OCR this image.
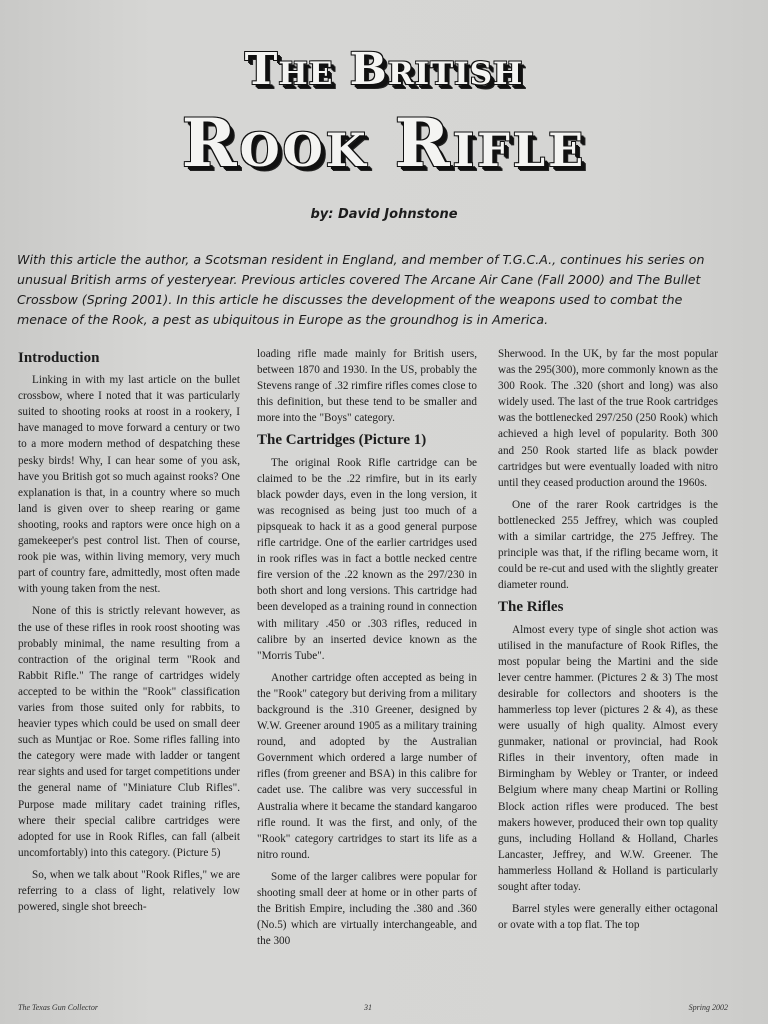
The British
Rook Rifle
by: David Johnstone
With this article the author, a Scotsman resident in England, and member of T.G.C.A., continues his series on unusual British arms of yesteryear. Previous articles covered The Arcane Air Cane (Fall 2000) and The Bullet Crossbow (Spring 2001). In this article he discusses the development of the weapons used to combat the menace of the Rook, a pest as ubiquitous in Europe as the groundhog is in America.
Introduction

Linking in with my last article on the bullet crossbow, where I noted that it was particularly suited to shooting rooks at roost in a rookery, I have managed to move forward a century or two to a more modern method of despatching these pesky birds! Why, I can hear some of you ask, have you British got so much against rooks? One explanation is that, in a country where so much land is given over to sheep rearing or game shooting, rooks and raptors were once high on a gamekeeper's pest control list. Then of course, rook pie was, within living memory, very much part of country fare, admittedly, most often made with young taken from the nest.

None of this is strictly relevant however, as the use of these rifles in rook roost shooting was probably minimal, the name resulting from a contraction of the original term "Rook and Rabbit Rifle." The range of cartridges widely accepted to be within the "Rook" classification varies from those suited only for rabbits, to heavier types which could be used on small deer such as Muntjac or Roe. Some rifles falling into the category were made with ladder or tangent rear sights and used for target competitions under the general name of "Miniature Club Rifles". Purpose made military cadet training rifles, where their special calibre cartridges were adopted for use in Rook Rifles, can fall (albeit uncomfortably) into this category. (Picture 5)

So, when we talk about "Rook Rifles," we are referring to a class of light, relatively low powered, single shot breech-

loading rifle made mainly for British users, between 1870 and 1930. In the US, probably the Stevens range of .32 rimfire rifles comes close to this definition, but these tend to be smaller and more into the "Boys" category.

The Cartridges (Picture 1)

The original Rook Rifle cartridge can be claimed to be the .22 rimfire, but in its early black powder days, even in the long version, it was recognised as being just too much of a pipsqueak to hack it as a good general purpose rifle cartridge. One of the earlier cartridges used in rook rifles was in fact a bottle necked centre fire version of the .22 known as the 297/230 in both short and long versions. This cartridge had been developed as a training round in connection with military .450 or .303 rifles, reduced in calibre by an inserted device known as the "Morris Tube".

Another cartridge often accepted as being in the "Rook" category but deriving from a military background is the .310 Greener, designed by W.W. Greener around 1905 as a military training round, and adopted by the Australian Government which ordered a large number of rifles (from greener and BSA) in this calibre for cadet use. The calibre was very successful in Australia where it became the standard kangaroo rifle round. It was the first, and only, of the "Rook" category cartridges to start its life as a nitro round.

Some of the larger calibres were popular for shooting small deer at home or in other parts of the British Empire, including the .380 and .360 (No.5) which are virtually interchangeable, and the 300

Sherwood. In the UK, by far the most popular was the 295(300), more commonly known as the 300 Rook. The .320 (short and long) was also widely used. The last of the true Rook cartridges was the bottlenecked 297/250 (250 Rook) which achieved a high level of popularity. Both 300 and 250 Rook started life as black powder cartridges but were eventually loaded with nitro until they ceased production around the 1960s.

One of the rarer Rook cartridges is the bottlenecked 255 Jeffrey, which was coupled with a similar cartridge, the 275 Jeffrey. The principle was that, if the rifling became worn, it could be re-cut and used with the slightly greater diameter round.

The Rifles

Almost every type of single shot action was utilised in the manufacture of Rook Rifles, the most popular being the Martini and the side lever centre hammer. (Pictures 2 & 3) The most desirable for collectors and shooters is the hammerless top lever (pictures 2 & 4), as these were usually of high quality. Almost every gunmaker, national or provincial, had Rook Rifles in their inventory, often made in Birmingham by Webley or Tranter, or indeed Belgium where many cheap Martini or Rolling Block action rifles were produced. The best makers however, produced their own top quality guns, including Holland & Holland, Charles Lancaster, Jeffrey, and W.W. Greener. The hammerless Holland & Holland is particularly sought after today.

Barrel styles were generally either octagonal or ovate with a top flat. The top

The Texas Gun Collector	31	Spring 2002
